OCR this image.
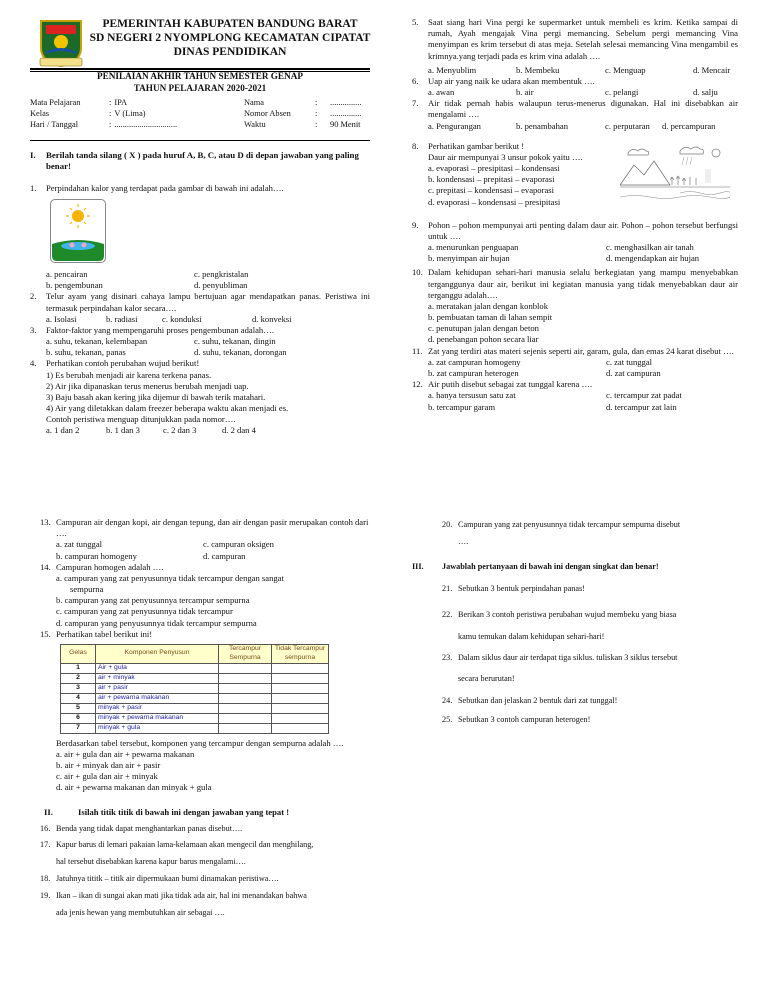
PEMERINTAH KABUPATEN BANDUNG BARAT
SD NEGERI 2 NYOMPLONG KECAMATAN CIPATAT
DINAS PENDIDIKAN
PENILAIAN AKHIR TAHUN SEMESTER GENAP
TAHUN PELAJARAN 2020-2021
Mata Pelajaran	:	IPA
Kelas	:	V (Lima)
Hari / Tanggal	:	..............................
Nama	:	...............
Nomor Absen	:	...............
Waktu	:	90 Menit
I. Berilah tanda silang ( X ) pada huruf A, B, C, atau D di depan jawaban yang paling benar!
1. Perpindahan kalor yang terdapat pada gambar di bawah ini adalah….
a. pencairan	c. pengkristalan
b. pengembunan	d. penyubliman
2. Telur ayam yang disinari cahaya lampu bertujuan agar mendapatkan panas. Peristiwa ini termasuk perpindahan kalor secara….
a. Isolasi	b. radiasi	c. konduksi	d. konveksi
3. Faktor-faktor yang mempengaruhi proses pengembunan adalah….
a. suhu, tekanan, kelembapan	c. suhu, tekanan, dingin
b. suhu, tekanan, panas	d. suhu, tekanan, dorongan
4. Perhatikan contoh perubahan wujud berikut!
1) Es berubah menjadi air karena terkena panas.
2) Air jika dipanaskan terus menerus berubah menjadi uap.
3) Baju basah akan kering jika dijemur di bawah terik matahari.
4) Air yang diletakkan dalam freezer beberapa waktu akan menjadi es.
Contoh peristiwa menguap ditunjukkan pada nomor….
a. 1 dan 2	b. 1 dan 3	c. 2 dan 3	d. 2 dan 4
5. Saat siang hari Vina pergi ke supermarket untuk membeli es krim. Ketika sampai di rumah, Ayah mengajak Vina pergi memancing. Sebelum pergi memancing Vina menyimpan es krim tersebut di atas meja. Setelah selesai memancing Vina mengambil es krimnya.yang terjadi pada es krim vina adalah ….
a. Menyublim	b. Membeku	c. Menguap	d. Mencair
6. Uap air yang naik ke udara akan membentuk ….
a. awan	b. air	c. pelangi	d. salju
7. Air tidak pernah habis walaupun terus-menerus digunakan. Hal ini disebabkan air mengalami ….
a. Pengurangan	b. penambahan	c. perputaran	d. percampuran
8. Perhatikan gambar berikut !
Daur air mempunyai 3 unsur pokok yaitu ….
a. evaporasi – presipitasi – kondensasi
b. kondensasi – prepitasi – evaporasi
c. prepitasi – kondensasi – evaporasi
d. evaporasi – kondensasi – presipitasi
9. Pohon – pohon mempunyai arti penting dalam daur air. Pohon – pohon tersebut berfungsi untuk ….
a. menurunkan penguapan	c. menghasilkan air tanah
b. menyimpan air hujan	d. mengendapkan air hujan
10. Dalam kehidupan sehari-hari manusia selalu berkegiatan yang mampu menyebabkan terganggunya daur air, berikut ini kegiatan manusia yang tidak menyebabkan daur air terganggu adalah….
a. meratakan jalan dengan konblok
b. pembuatan taman di lahan sempit
c. penutupan jalan dengan beton
d. penebangan pohon secara liar
11. Zat yang terdiri atas materi sejenis seperti air, garam, gula, dan emas 24 karat disebut ….
a. zat campuran homogeny	c. zat tunggal
b. zat campuran heterogen	d. zat campuran
12. Air putih disebut sebagai zat tunggal karena ….
a. hanya tersusun satu zat	c. tercampur zat padat
b. tercampur garam	d. tercampur zat lain
13. Campuran air dengan kopi, air dengan tepung, dan air dengan pasir merupakan contoh dari ….
a. zat tunggal	c. campuran oksigen
b. campuran homogeny	d. campuran
14. Campuran homogen adalah ….
a. campuran yang zat penyusunnya tidak tercampur dengan sangat
sempurna
b. campuran yang zat penyusunnya tercampur sempurna
c. campuran yang zat penyusunnya tidak tercampur
d. campuran yang penyusunnya tidak tercampur sempurna
15. Perhatikan tabel berikut ini!
Gelas	Komponen Penyusun	Tercampur Sempurna	Tidak Tercampur sempurna
1	Air + gula		
2	air + minyak		
3	air + pasir		
4	air + pewarna makanan		
5	minyak + pasir		
6	minyak + pewarna makanan		
7	minyak + gula		
Berdasarkan tabel tersebut, komponen yang tercampur dengan sempurna adalah ….
a. air + gula dan air + pewarna makanan
b. air + minyak dan air + pasir
c. air + gula dan air + minyak
d. air + pewarna makanan dan minyak + gula
II.	Isilah titik titik di bawah ini dengan jawaban yang tepat !
16. Benda yang tidak dapat menghantarkan panas disebut….
17. Kapur barus di lemari pakaian lama-kelamaan akan mengecil dan menghilang,
hal tersebut disebabkan karena kapur barus mengalami….
18. Jatuhnya tititk – titik air dipermukaan bumi dinamakan peristiwa….
19. Ikan – ikan di sungai akan mati jika tidak ada air, hal ini menandakan bahwa
ada jenis hewan yang membutuhkan air sebagai ….
20. Campuran yang zat penyusunnya tidak tercampur sempurna disebut
….
III. Jawablah pertanyaan di bawah ini dengan singkat dan benar!
21. Sebutkan 3 bentuk perpindahan panas!
22. Berikan 3 contoh peristiwa perubahan wujud membeku yang biasa
kamu temukan dalam kehidupan sehari-hari!
23. Dalam siklus daur air terdapat tiga siklus. tuliskan 3 siklus tersebut
secara berurutan!
24. Sebutkan dan jelaskan 2 bentuk dari zat tunggal!
25. Sebutkan 3 contoh campuran heterogen!
